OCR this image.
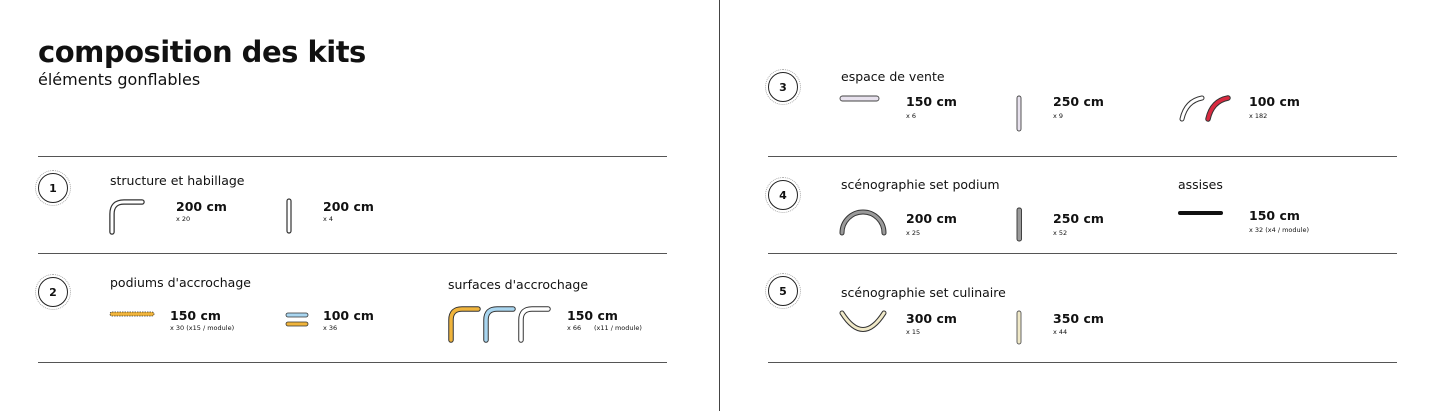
composition des kits
éléments gonflables
1	structure et habillage
200 cm
x 20
200 cm
x 4
2
podiums d'accrochage
150 cm
x 30 (x15 / module)
100 cm
x 36
surfaces d'accrochage
150 cm
x 66 (x11 / module)
3
espace de vente
150 cm
x 6
250 cm
x 9
100 cm
x 182
4
scénographie set podium
200 cm
x 25
250 cm
x 52
assises
150 cm
x 32 (x4 / module)
5	scénographie set culinaire
300 cm
x 15
350 cm
x 44
